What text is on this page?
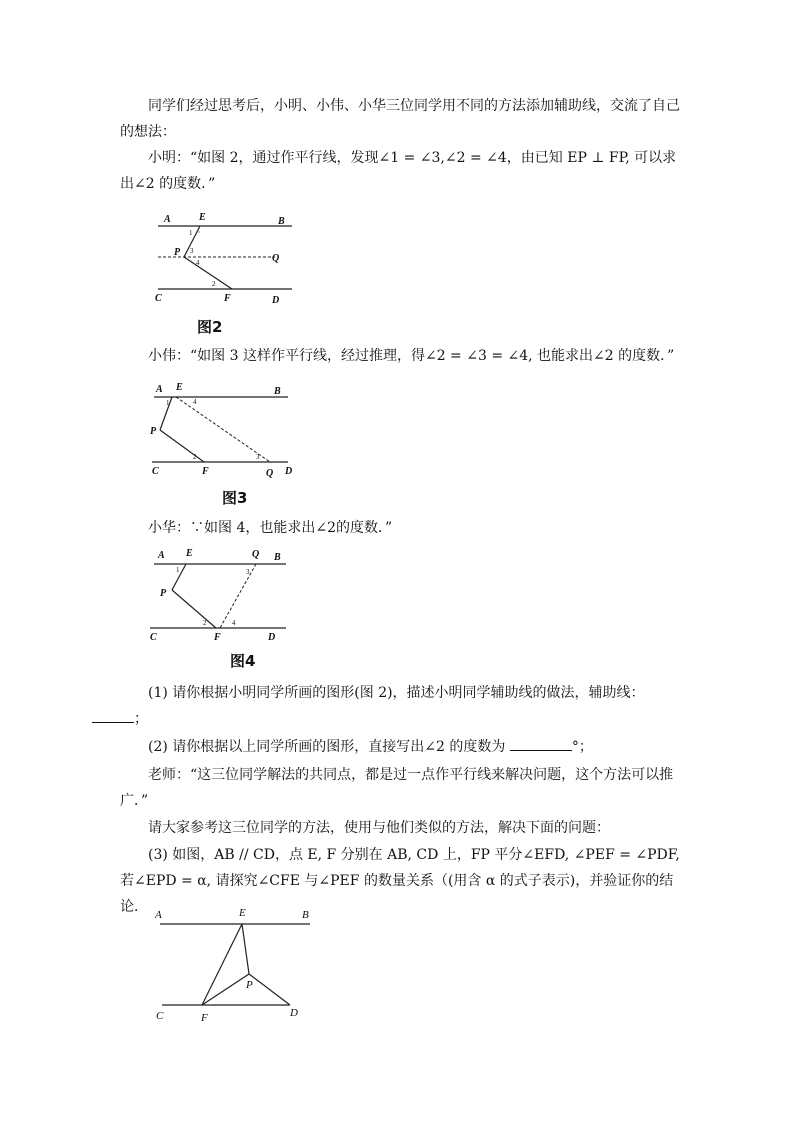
同学们经过思考后，小明、小伟、小华三位同学用不同的方法添加辅助线，交流了自己的想法：

小明：“如图 2，通过作平行线，发现∠1 = ∠3,∠2 = ∠4，由已知 EP ⊥ FP, 可以求出∠2 的度数．”

A	E	B
P
Q
C	F	D
1
3
4
2
图2

小伟：“如图 3 这样作平行线，经过推理，得∠2 = ∠3 = ∠4, 也能求出∠2 的度数．”

A E	B
P
C	F	Q D
1	4
2	3
图3

小华：∵如图 4，也能求出∠2的度数．”

A E	Q B
P
C	F	D
1	3
2	4
图4

(1) 请你根据小明同学所画的图形(图 2)，描述小明同学辅助线的做法，辅助线：
；

(2) 请你根据以上同学所画的图形，直接写出∠2 的度数为	°；

老师：“这三位同学解法的共同点，都是过一点作平行线来解决问题，这个方法可以推广．”

请大家参考这三位同学的方法，使用与他们类似的方法，解决下面的问题：

(3) 如图，AB // CD，点 E, F 分别在 AB, CD 上，FP 平分∠EFD, ∠PEF = ∠PDF, 若∠EPD = α, 请探究∠CFE 与∠PEF 的数量关系（(用含 α 的式子表示)，并验证你的结论． A	E	B
P
C	F	D
